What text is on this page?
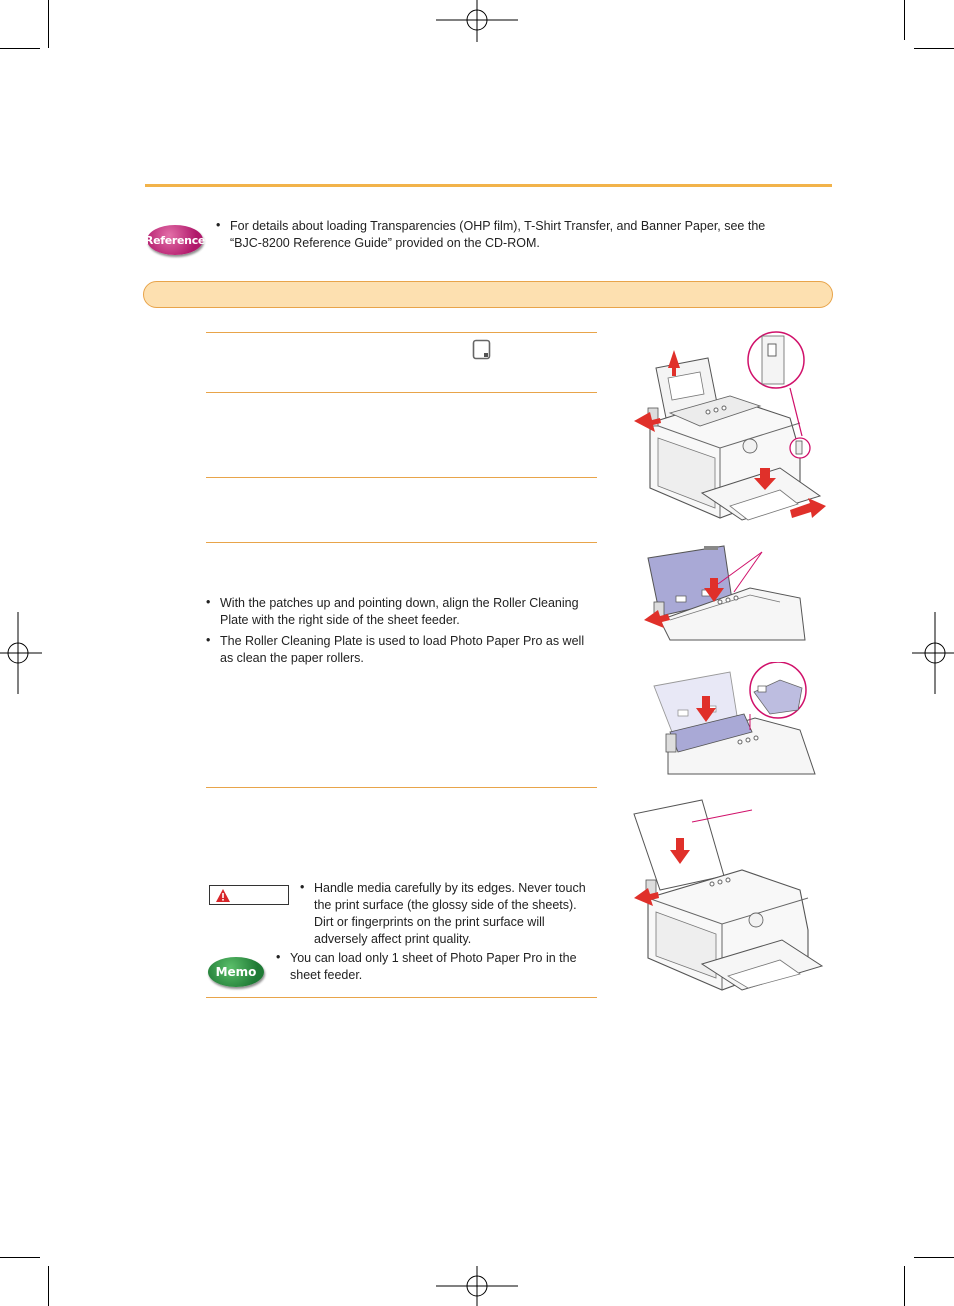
Reference
• For details about loading Transparencies (OHP film), T-Shirt Transfer, and Banner Paper, see the
“BJC-8200 Reference Guide” provided on the CD-ROM.
• With the patches up and pointing down, align the Roller Cleaning
Plate with the right side of the sheet feeder.
• The Roller Cleaning Plate is used to load Photo Paper Pro as well
as clean the paper rollers.
• Handle media carefully by its edges. Never touch
the print surface (the glossy side of the sheets).
Dirt or fingerprints on the print surface will
adversely affect print quality.
Memo
• You can load only 1 sheet of Photo Paper Pro in the
sheet feeder.
